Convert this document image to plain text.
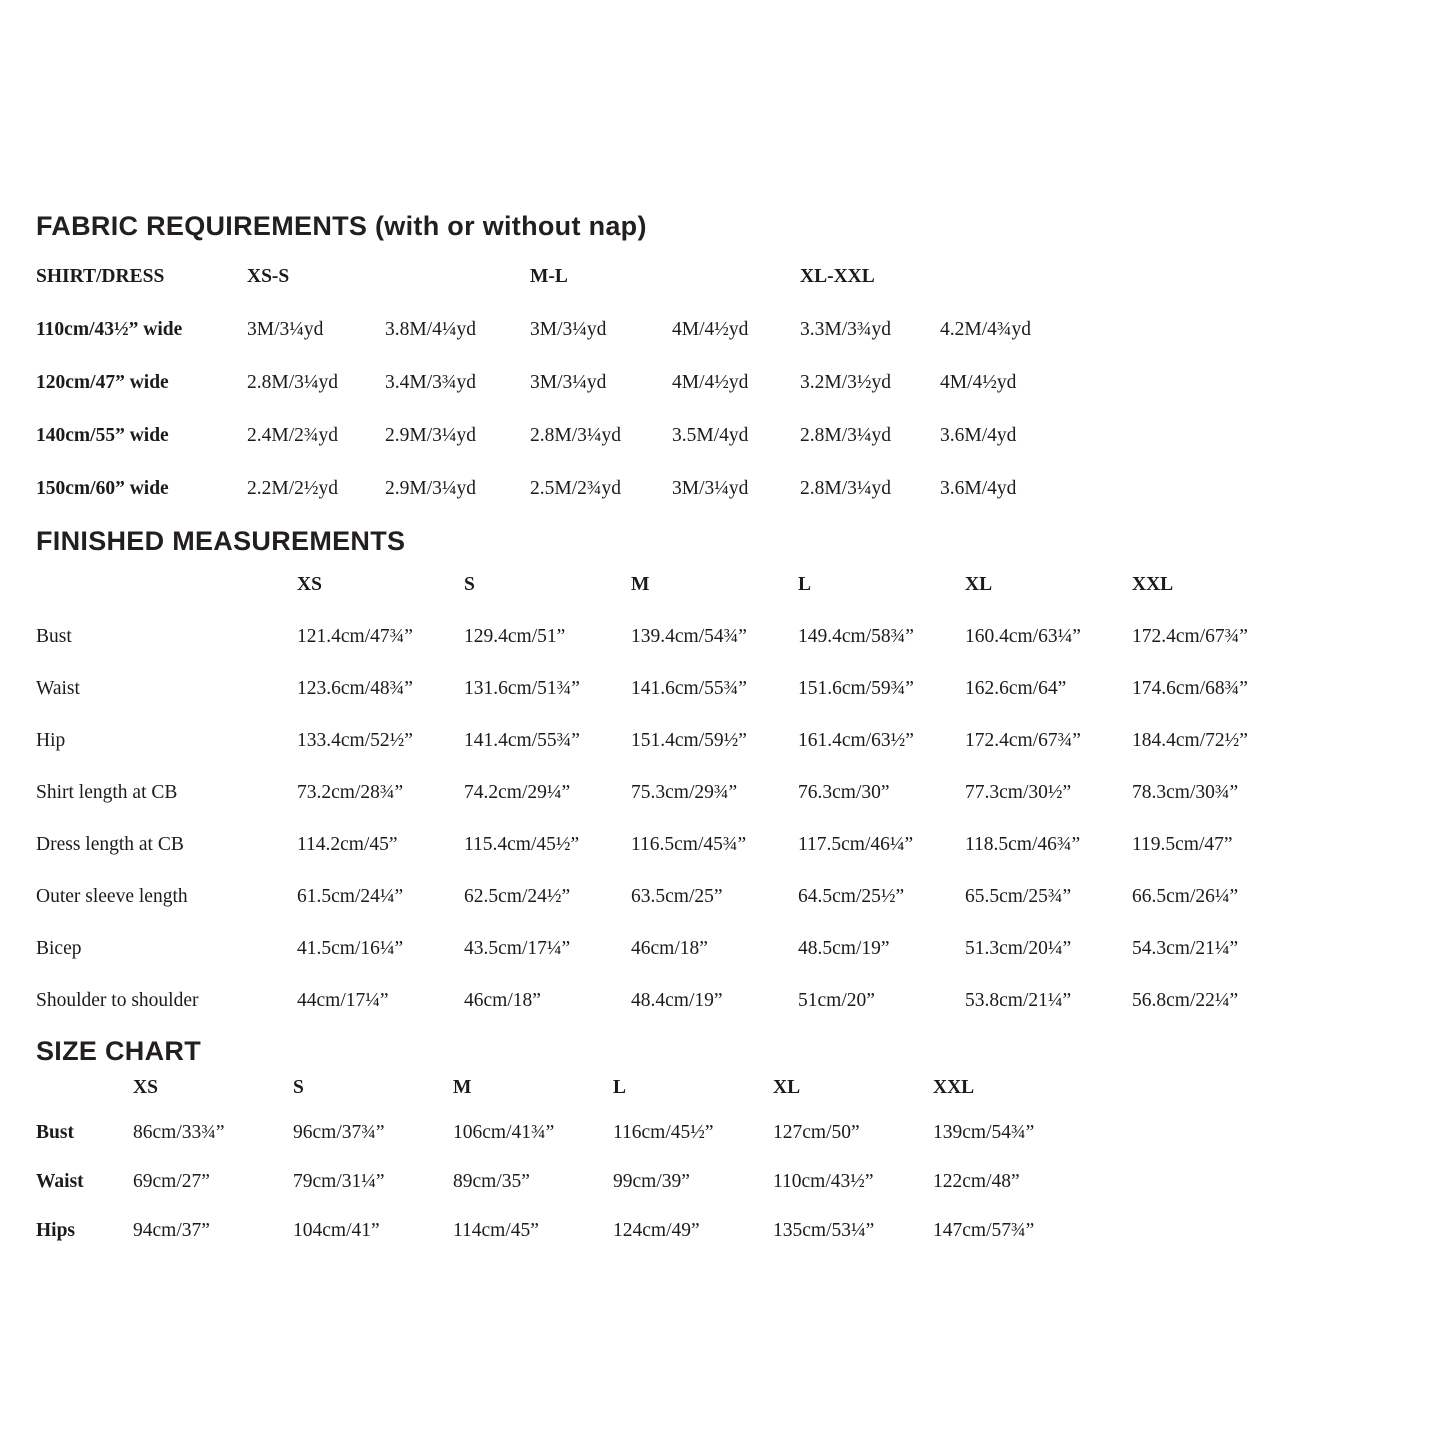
FABRIC REQUIREMENTS (with or without nap)
SHIRT/DRESS	XS-S	M-L	XL-XXL
110cm/43½” wide	3M/3¼yd	3.8M/4¼yd	3M/3¼yd	4M/4½yd	3.3M/3¾yd	4.2M/4¾yd
120cm/47” wide	2.8M/3¼yd	3.4M/3¾yd	3M/3¼yd	4M/4½yd	3.2M/3½yd	4M/4½yd
140cm/55” wide	2.4M/2¾yd	2.9M/3¼yd	2.8M/3¼yd	3.5M/4yd	2.8M/3¼yd	3.6M/4yd
150cm/60” wide	2.2M/2½yd	2.9M/3¼yd	2.5M/2¾yd	3M/3¼yd	2.8M/3¼yd	3.6M/4yd
FINISHED MEASUREMENTS
XS	S	M	L	XL	XXL
Bust	121.4cm/47¾”	129.4cm/51”	139.4cm/54¾”	149.4cm/58¾”	160.4cm/63¼”	172.4cm/67¾”
Waist	123.6cm/48¾”	131.6cm/51¾”	141.6cm/55¾”	151.6cm/59¾”	162.6cm/64”	174.6cm/68¾”
Hip	133.4cm/52½”	141.4cm/55¾”	151.4cm/59½”	161.4cm/63½”	172.4cm/67¾”	184.4cm/72½”
Shirt length at CB	73.2cm/28¾”	74.2cm/29¼”	75.3cm/29¾”	76.3cm/30”	77.3cm/30½”	78.3cm/30¾”
Dress length at CB	114.2cm/45”	115.4cm/45½”	116.5cm/45¾”	117.5cm/46¼”	118.5cm/46¾”	119.5cm/47”
Outer sleeve length	61.5cm/24¼”	62.5cm/24½”	63.5cm/25”	64.5cm/25½”	65.5cm/25¾”	66.5cm/26¼”
Bicep	41.5cm/16¼”	43.5cm/17¼”	46cm/18”	48.5cm/19”	51.3cm/20¼”	54.3cm/21¼”
Shoulder to shoulder	44cm/17¼”	46cm/18”	48.4cm/19”	51cm/20”	53.8cm/21¼”	56.8cm/22¼”
SIZE CHART
XS	S	M	L	XL	XXL
Bust	86cm/33¾”	96cm/37¾”	106cm/41¾”	116cm/45½”	127cm/50”	139cm/54¾”
Waist	69cm/27”	79cm/31¼”	89cm/35”	99cm/39”	110cm/43½”	122cm/48”
Hips	94cm/37”	104cm/41”	114cm/45”	124cm/49”	135cm/53¼”	147cm/57¾”
